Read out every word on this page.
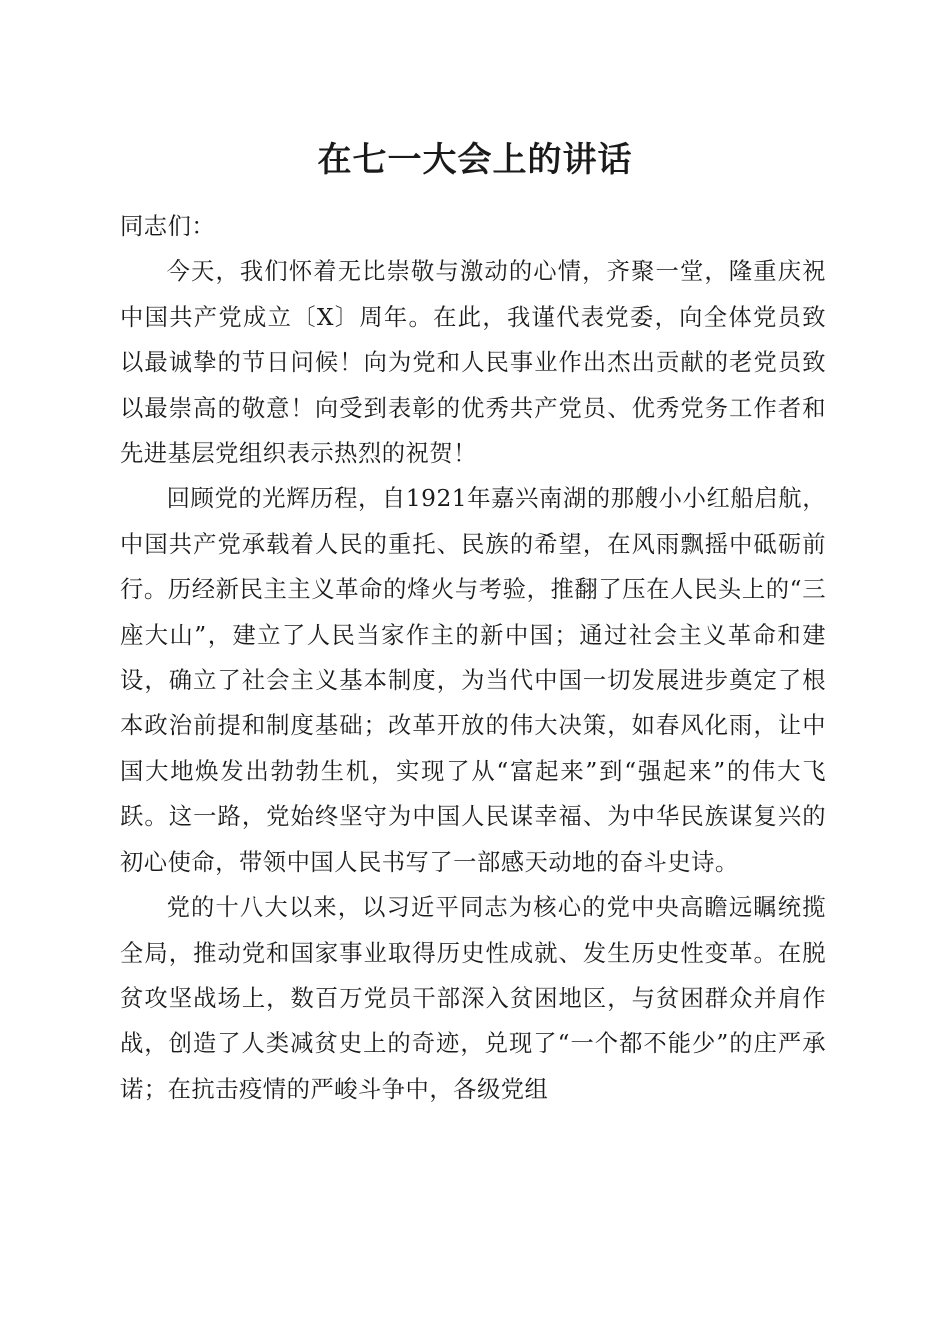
在七一大会上的讲话

同志们：

今天，我们怀着无比崇敬与激动的心情，齐聚一堂，隆重庆祝中国共产党成立〔X〕周年。在此，我谨代表党委，向全体党员致以最诚挚的节日问候！向为党和人民事业作出杰出贡献的老党员致以最崇高的敬意！向受到表彰的优秀共产党员、优秀党务工作者和先进基层党组织表示热烈的祝贺！

回顾党的光辉历程，自1921年嘉兴南湖的那艘小小红船启航，中国共产党承载着人民的重托、民族的希望，在风雨飘摇中砥砺前行。历经新民主主义革命的烽火与考验，推翻了压在人民头上的“三座大山”，建立了人民当家作主的新中国；通过社会主义革命和建设，确立了社会主义基本制度，为当代中国一切发展进步奠定了根本政治前提和制度基础；改革开放的伟大决策，如春风化雨，让中国大地焕发出勃勃生机，实现了从“富起来”到“强起来”的伟大飞跃。这一路，党始终坚守为中国人民谋幸福、为中华民族谋复兴的初心使命，带领中国人民书写了一部感天动地的奋斗史诗。

党的十八大以来，以习近平同志为核心的党中央高瞻远瞩统揽全局，推动党和国家事业取得历史性成就、发生历史性变革。在脱贫攻坚战场上，数百万党员干部深入贫困地区，与贫困群众并肩作战，创造了人类减贫史上的奇迹，兑现了“一个都不能少”的庄严承诺；在抗击疫情的严峻斗争中，各级党组
